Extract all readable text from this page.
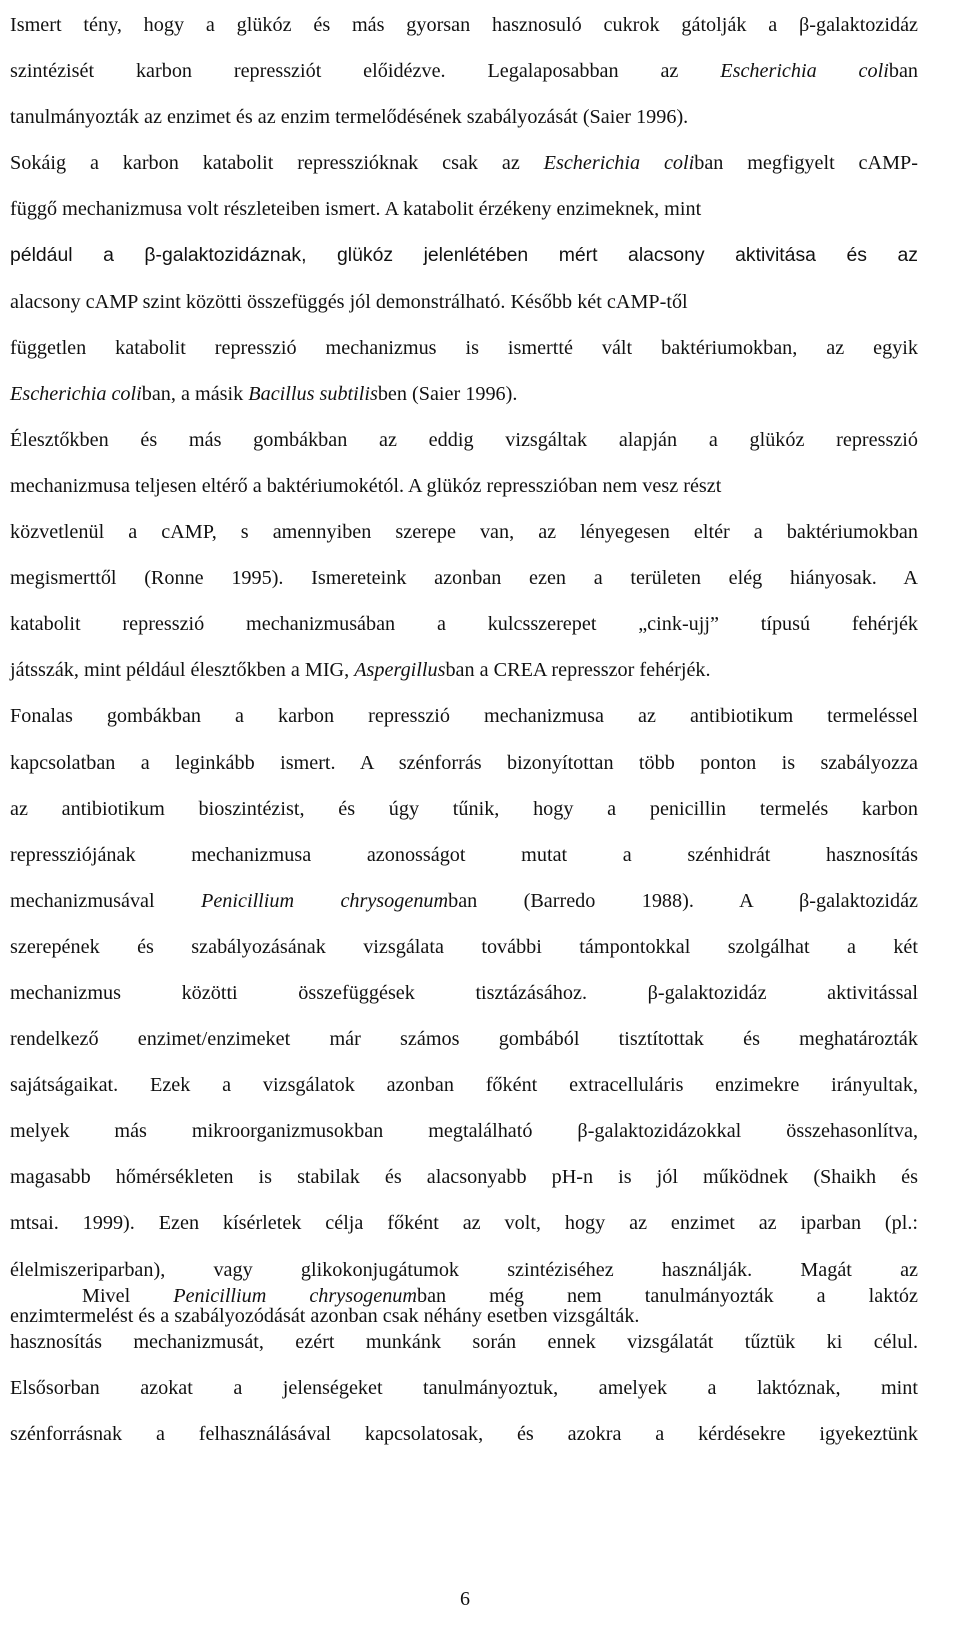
Ismert tény, hogy a glükóz és más gyorsan hasznosuló cukrok gátolják a β-galaktozidáz
szintézisét karbon repressziót előidézve. Legalaposabban az Escherichia coliban
tanulmányozták az enzimet és az enzim termelődésének szabályozását (Saier 1996).
Sokáig a karbon katabolit represszióknak csak az Escherichia coliban megfigyelt cAMP-
függő mechanizmusa volt részleteiben ismert. A katabolit érzékeny enzimeknek, mint
például a β-galaktozidáznak, glükóz jelenlétében mért alacsony aktivitása és az
alacsony cAMP szint közötti összefüggés jól demonstrálható. Később két cAMP-től
független katabolit represszió mechanizmus is ismertté vált baktériumokban, az egyik
Escherichia coliban, a másik Bacillus subtilisben (Saier 1996).
Élesztőkben és más gombákban az eddig vizsgáltak alapján a glükóz represszió
mechanizmusa teljesen eltérő a baktériumokétól. A glükóz represszióban nem vesz részt
közvetlenül a cAMP, s amennyiben szerepe van, az lényegesen eltér a baktériumokban
megismerttől (Ronne 1995). Ismereteink azonban ezen a területen elég hiányosak. A
katabolit represszió mechanizmusában a kulcsszerepet „cink-ujj” típusú fehérjék
játsszák, mint például élesztőkben a MIG, Aspergillusban a CREA represszor fehérjék.
Fonalas gombákban a karbon represszió mechanizmusa az antibiotikum termeléssel
kapcsolatban a leginkább ismert. A szénforrás bizonyítottan több ponton is szabályozza
az antibiotikum bioszintézist, és úgy tűnik, hogy a penicillin termelés karbon
repressziójának mechanizmusa azonosságot mutat a szénhidrát hasznosítás
mechanizmusával Penicillium chrysogenumban (Barredo 1988). A β-galaktozidáz
szerepének és szabályozásának vizsgálata további támpontokkal szolgálhat a két
mechanizmus közötti összefüggések tisztázásához. β-galaktozidáz aktivitással
rendelkező enzimet/enzimeket már számos gombából tisztítottak és meghatározták
sajátságaikat. Ezek a vizsgálatok azonban főként extracelluláris enzimekre irányultak,
melyek más mikroorganizmusokban megtalálható β-galaktozidázokkal összehasonlítva,
magasabb hőmérsékleten is stabilak és alacsonyabb pH-n is jól működnek (Shaikh és
mtsai. 1999). Ezen kísérletek célja főként az volt, hogy az enzimet az iparban (pl.:
élelmiszeriparban), vagy glikokonjugátumok szintéziséhez használják. Magát az
enzimtermelést és a szabályozódását azonban csak néhány esetben vizsgálták.
Mivel Penicillium chrysogenumban még nem tanulmányozták a laktóz
hasznosítás mechanizmusát, ezért munkánk során ennek vizsgálatát tűztük ki célul.
Elsősorban azokat a jelenségeket tanulmányoztuk, amelyek a laktóznak, mint
szénforrásnak a felhasználásával kapcsolatosak, és azokra a kérdésekre igyekeztünk
6
